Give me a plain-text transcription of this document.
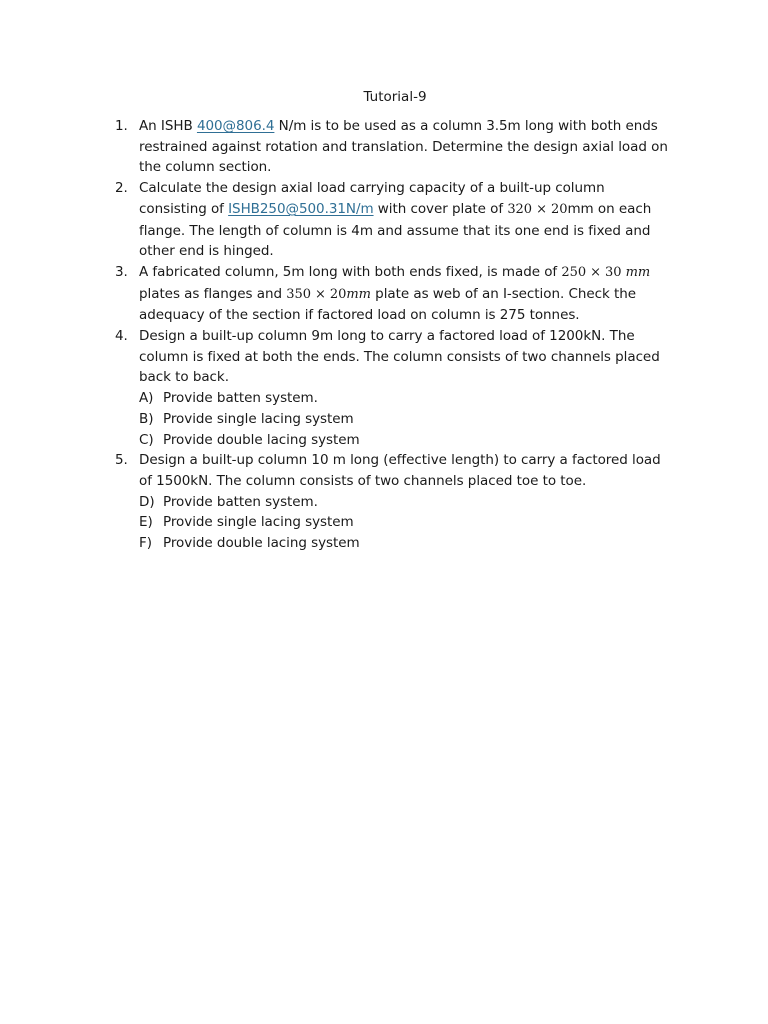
Tutorial-9
1. An ISHB 400@806.4 N/m is to be used as a column 3.5m long with both ends restrained against rotation and translation. Determine the design axial load on the column section.
2. Calculate the design axial load carrying capacity of a built-up column consisting of ISHB250@500.31N/m with cover plate of 320 × 20mm on each flange. The length of column is 4m and assume that its one end is fixed and other end is hinged.
3. A fabricated column, 5m long with both ends fixed, is made of 250 × 30 mm plates as flanges and 350 × 20mm plate as web of an I-section. Check the adequacy of the section if factored load on column is 275 tonnes.
4. Design a built-up column 9m long to carry a factored load of 1200kN. The column is fixed at both the ends. The column consists of two channels placed back to back.
A) Provide batten system.
B) Provide single lacing system
C) Provide double lacing system
5. Design a built-up column 10 m long (effective length) to carry a factored load of 1500kN. The column consists of two channels placed toe to toe.
D) Provide batten system.
E) Provide single lacing system
F) Provide double lacing system
